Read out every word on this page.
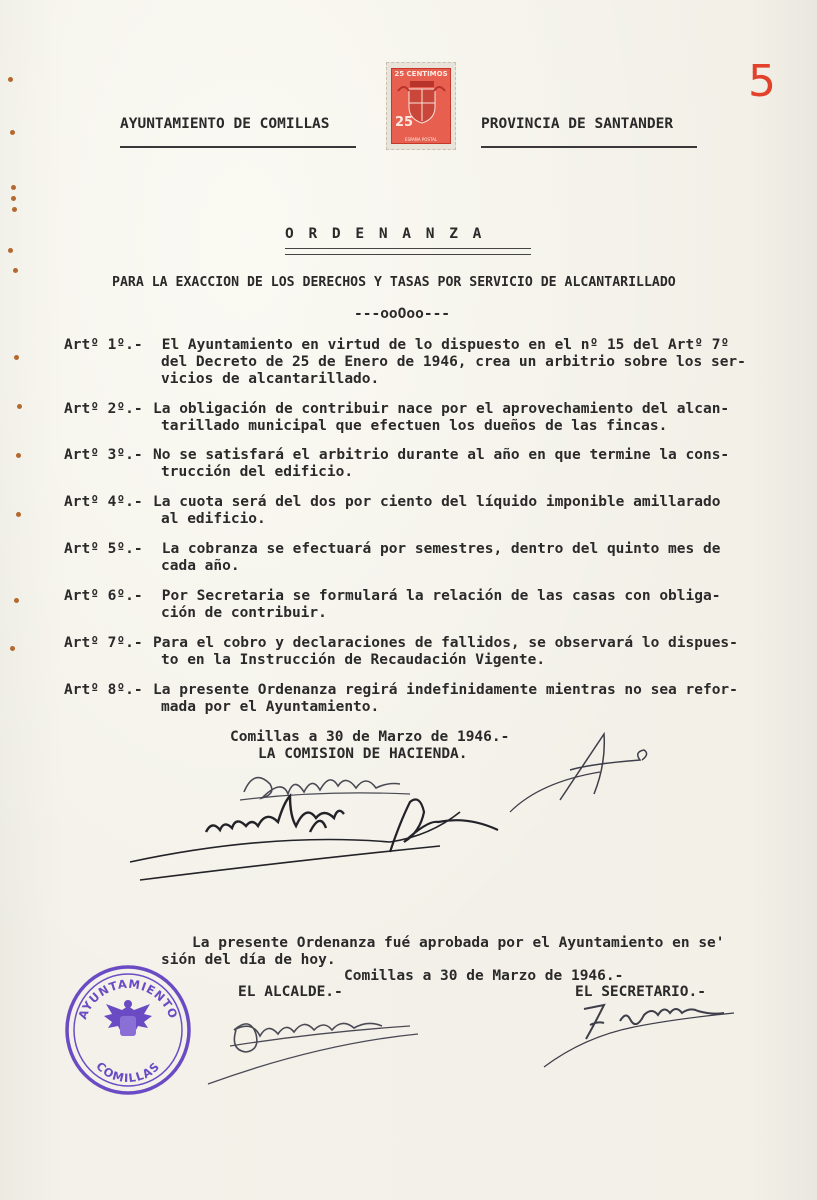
AYUNTAMIENTO DE COMILLAS	PROVINCIA DE SANTANDER
25 CENTIMOS
25
ESPAÑA POSTAL
5
O R D E N A N Z A
PARA LA EXACCION DE LOS DERECHOS Y TASAS POR SERVICIO DE ALCANTARILLADO
---ooOoo---
Artº 1º.- El Ayuntamiento en virtud de lo dispuesto en el nº 15 del Artº 7º
del Decreto de 25 de Enero de 1946, crea un arbitrio sobre los ser-
vicios de alcantarillado.
Artº 2º.- La obligación de contribuir nace por el aprovechamiento del alcan-
tarillado municipal que efectuen los dueños de las fincas.
Artº 3º.- No se satisfará el arbitrio durante al año en que termine la cons-
trucción del edificio.
Artº 4º.- La cuota será del dos por ciento del líquido imponible amillarado
al edificio.
Artº 5º.- La cobranza se efectuará por semestres, dentro del quinto mes de
cada año.
Artº 6º.- Por Secretaria se formulará la relación de las casas con obliga-
ción de contribuir.
Artº 7º.- Para el cobro y declaraciones de fallidos, se observará lo dispues-
to en la Instrucción de Recaudación Vigente.
Artº 8º.- La presente Ordenanza regirá indefinidamente mientras no sea refor-
mada por el Ayuntamiento.
Comillas a 30 de Marzo de 1946.-
LA COMISION DE HACIENDA.
La presente Ordenanza fué aprobada por el Ayuntamiento en se'
sión del día de hoy.
Comillas a 30 de Marzo de 1946.-
EL ALCALDE.-	EL SECRETARIO.-
AYUNTAMIENTO
COMILLAS
